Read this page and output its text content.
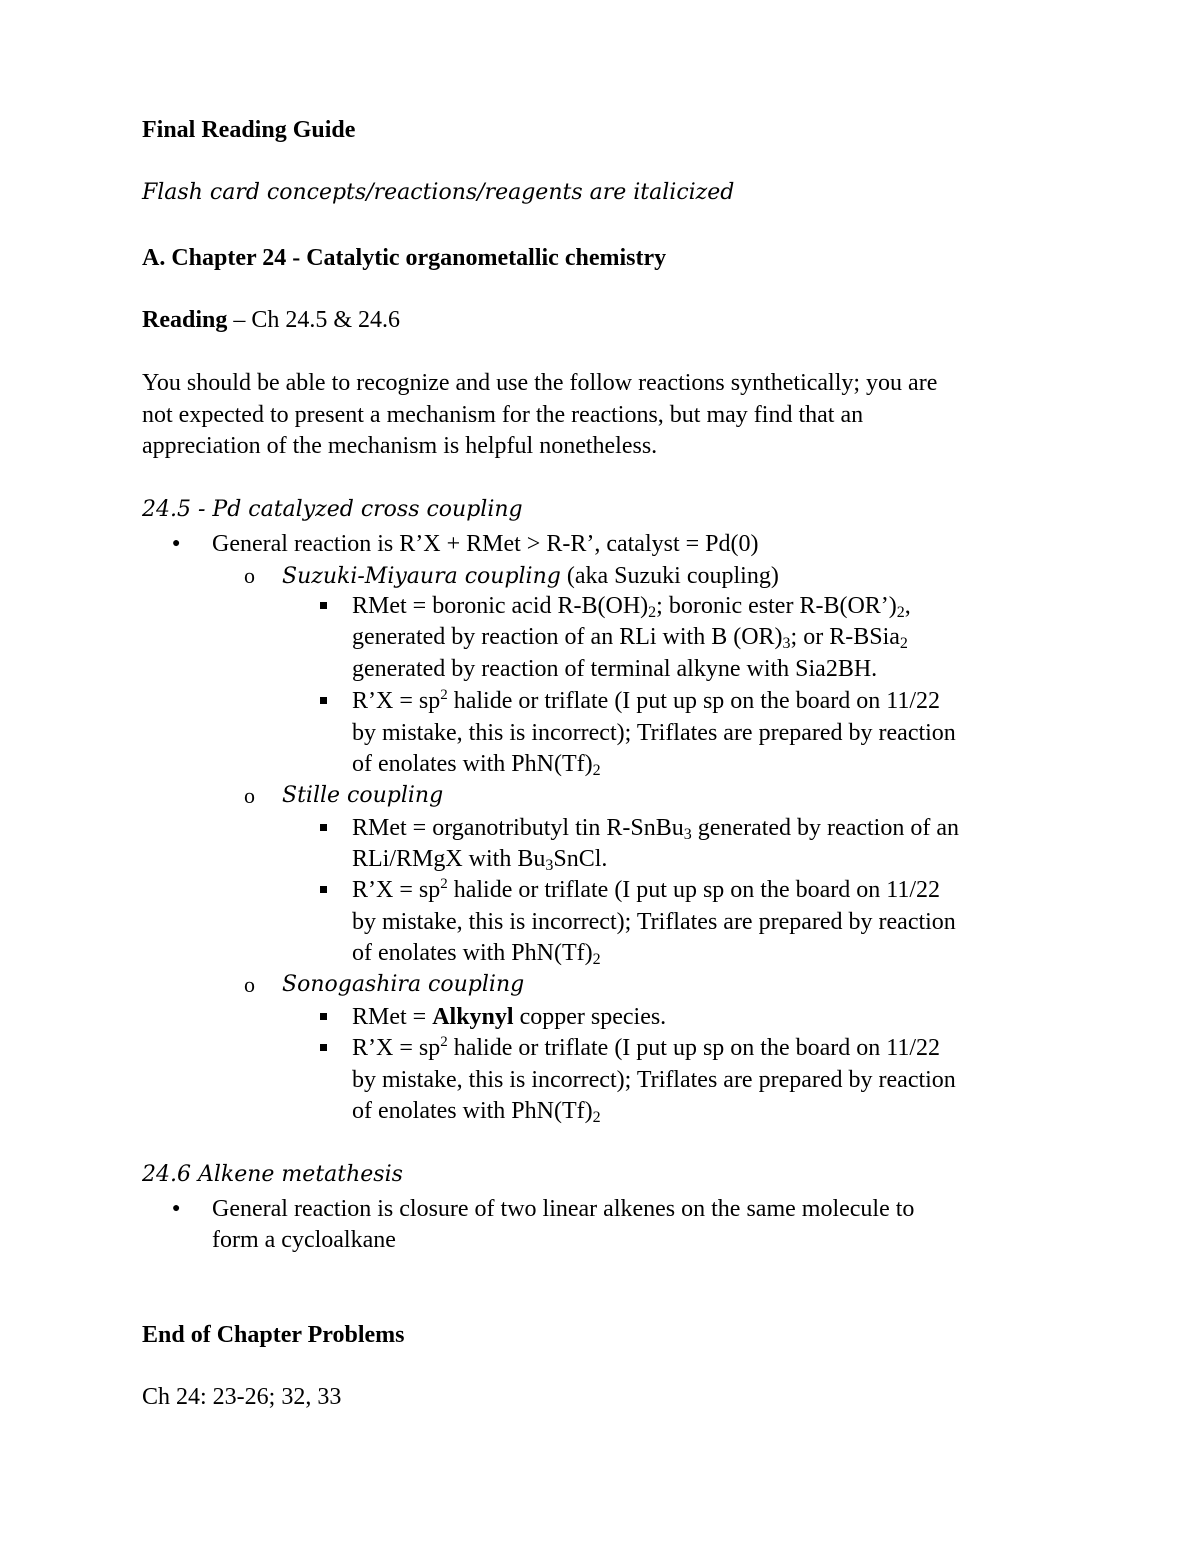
Final Reading Guide
Flash card concepts/reactions/reagents are italicized
A. Chapter 24 - Catalytic organometallic chemistry
Reading – Ch 24.5 & 24.6
You should be able to recognize and use the follow reactions synthetically; you are
not expected to present a mechanism for the reactions, but may find that an
appreciation of the mechanism is helpful nonetheless.
24.5 - Pd catalyzed cross coupling
● General reaction is R’X + RMet > R-R’, catalyst = Pd(0)
o Suzuki-Miyaura coupling (aka Suzuki coupling)
RMet = boronic acid R-B(OH)2; boronic ester R-B(OR’)2,
generated by reaction of an RLi with B (OR)3; or R-BSia2
generated by reaction of terminal alkyne with Sia2BH.
R’X = $sp^2$ halide or triflate (I put up sp on the board on 11/22
by mistake, this is incorrect); Triflates are prepared by reaction
of enolates with PhN(Tf)2
o Stille coupling
RMet = organotributyl tin R-SnBu3 generated by reaction of an
RLi/RMgX with Bu3SnCl.
R’X = $sp^2$ halide or triflate (I put up sp on the board on 11/22
by mistake, this is incorrect); Triflates are prepared by reaction
of enolates with PhN(Tf)2
o Sonogashira coupling
RMet = Alkynyl copper species.
R’X = $sp^2$ halide or triflate (I put up sp on the board on 11/22
by mistake, this is incorrect); Triflates are prepared by reaction
of enolates with PhN(Tf)2
24.6 Alkene metathesis
● General reaction is closure of two linear alkenes on the same molecule to
form a cycloalkane
End of Chapter Problems
Ch 24: 23-26; 32, 33
